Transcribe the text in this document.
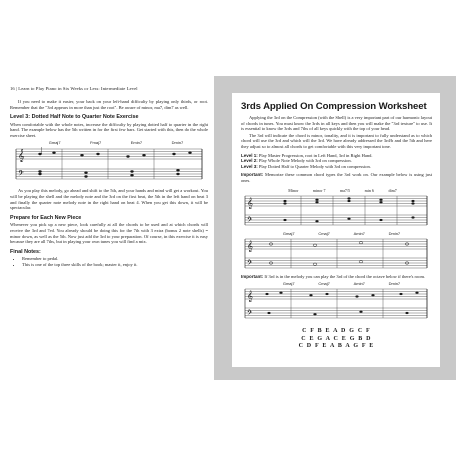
16 | Learn to Play Piano in Six Weeks or Less: Intermediate Level

If you need to make it easier, your back on your left-hand difficulty by playing only thirds, or root. Remember that the "3rd appears in more than just the root". Be aware of minor, ma7, dim7 as well.

Level 3: Dotted Half Note to Quarter Note Exercise

When comfortable with the whole notes, increase the difficulty by playing dotted half to quarter in the right hand. The example below has the 5th written in for the first few bars. Get started with this, then do the whole exercise sheet.

Gmaj7	Fmaj7	Emin7	Dmin7
𝄞
𝄢

As you play this melody, go ahead and shift to the 5th, and your hands and mind will get a workout. You will be playing the shell and the melody note and the 3rd on the first beat, the 5th in the left hand on beat 3 and finally the quarter note melody note in the right hand on beat 4. When you get this down, it will be spectacular.

Prepare for Each New Piece

Whenever you pick up a new piece, look carefully at all the chords to be used and at which chords will receive the 3rd and 7ed. You already should be doing this for the 7th with 3 extra (bonus 2 note shells) = minor down, as well as the 5th. Now just add the 3rd to your preparation. Of course, in this exercise it is easy because they are all 7ths, but in playing your own tunes you will find a mix.

Final Notes:
• Remember to pedal.
• This is one of the top three skills of the book; master it, enjoy it.
3rds Applied On Compression Worksheet

Applying the 3rd on the Compression (with the Shell) is a very important part of our harmonic layout of chords in tunes. You must know the 3rds in all keys and then you will make the "3rd texture" to use. It is essential to know the 3rds and 7ths of all keys quickly with the top of your head.

The 3rd will indicate the chord is minor, tonality, and it is important to fully understand as to which chord will use the 3rd and which will the 3rd. We have already addressed the 3rd/b and the 5th and here they adjust so to almost all chords to get comfortable with this very important tone.

Level 1: Play Master Progression, root in Left Hand, 3rd in Right Hand.
Level 2: Play Whole Note Melody with 3rd on compression.
Level 3: Play Dotted Half to Quarter Melody with 3rd on compression.

Important: Memorize these common chord types the 3rd work on. Our example below is using just ones.

Minor	minor 7	ma7/5	min 6	dim7
𝄞
𝄢
Gmaj7	Cmaj7	Amin7	Dmin7
𝄞
𝄢

Important: If 3rd is in the melody you can play the 3rd of the chord the octave below if there's room.

Gmaj7	Cmaj7	Amin7	Dmin7
𝄞
𝄢
C F B E A D G C F
C E G A C E G B D
C D F E A B A G F E
